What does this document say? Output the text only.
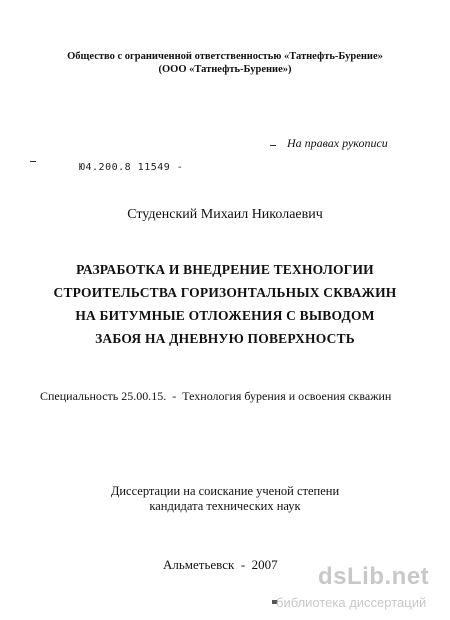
Общество с ограниченной ответственностью «Татнефть-Бурение»
(ООО «Татнефть-Бурение»)
На правах рукописи
Ю4.200.8 11549 -
Студенский Михаил Николаевич
РАЗРАБОТКА И ВНЕДРЕНИЕ ТЕХНОЛОГИИ
СТРОИТЕЛЬСТВА ГОРИЗОНТАЛЬНЫХ СКВАЖИН
НА БИТУМНЫЕ ОТЛОЖЕНИЯ С ВЫВОДОМ
ЗАБОЯ НА ДНЕВНУЮ ПОВЕРХНОСТЬ
Специальность 25.00.15.  -  Технология бурения и освоения скважин
Диссертации на соискание ученой степени
кандидата технических наук
Альметьевск  -  2007 dsLib.net
библиотека диссертаций
